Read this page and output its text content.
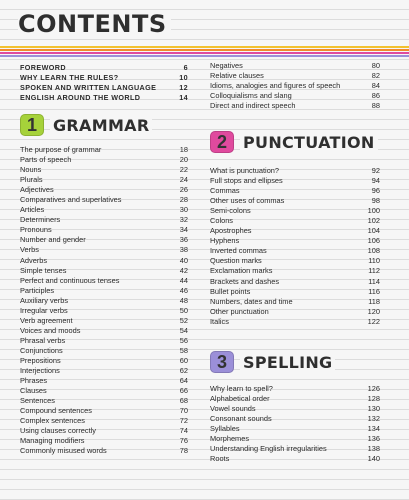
CONTENTS
FOREWORD	6
WHY LEARN THE RULES?	10
SPOKEN AND WRITTEN LANGUAGE	12
ENGLISH AROUND THE WORLD	14
1	GRAMMAR
The purpose of grammar	18
Parts of speech	20
Nouns	22
Plurals	24
Adjectives	26
Comparatives and superlatives	28
Articles	30
Determiners	32
Pronouns	34
Number and gender	36
Verbs	38
Adverbs	40
Simple tenses	42
Perfect and continuous tenses	44
Participles	46
Auxiliary verbs	48
Irregular verbs	50
Verb agreement	52
Voices and moods	54
Phrasal verbs	56
Conjunctions	58
Prepositions	60
Interjections	62
Phrases	64
Clauses	66
Sentences	68
Compound sentences	70
Complex sentences	72
Using clauses correctly	74
Managing modifiers	76
Commonly misused words	78
Negatives	80
Relative clauses	82
Idioms, analogies and figures of speech	84
Colloquialisms and slang	86
Direct and indirect speech	88
2	PUNCTUATION
What is punctuation?	92
Full stops and ellipses	94
Commas	96
Other uses of commas	98
Semi-colons	100
Colons	102
Apostrophes	104
Hyphens	106
Inverted commas	108
Question marks	110
Exclamation marks	112
Brackets and dashes	114
Bullet points	116
Numbers, dates and time	118
Other punctuation	120
Italics	122
3	SPELLING
Why learn to spell?	126
Alphabetical order	128
Vowel sounds	130
Consonant sounds	132
Syllables	134
Morphemes	136
Understanding English irregularities	138
Roots	140
